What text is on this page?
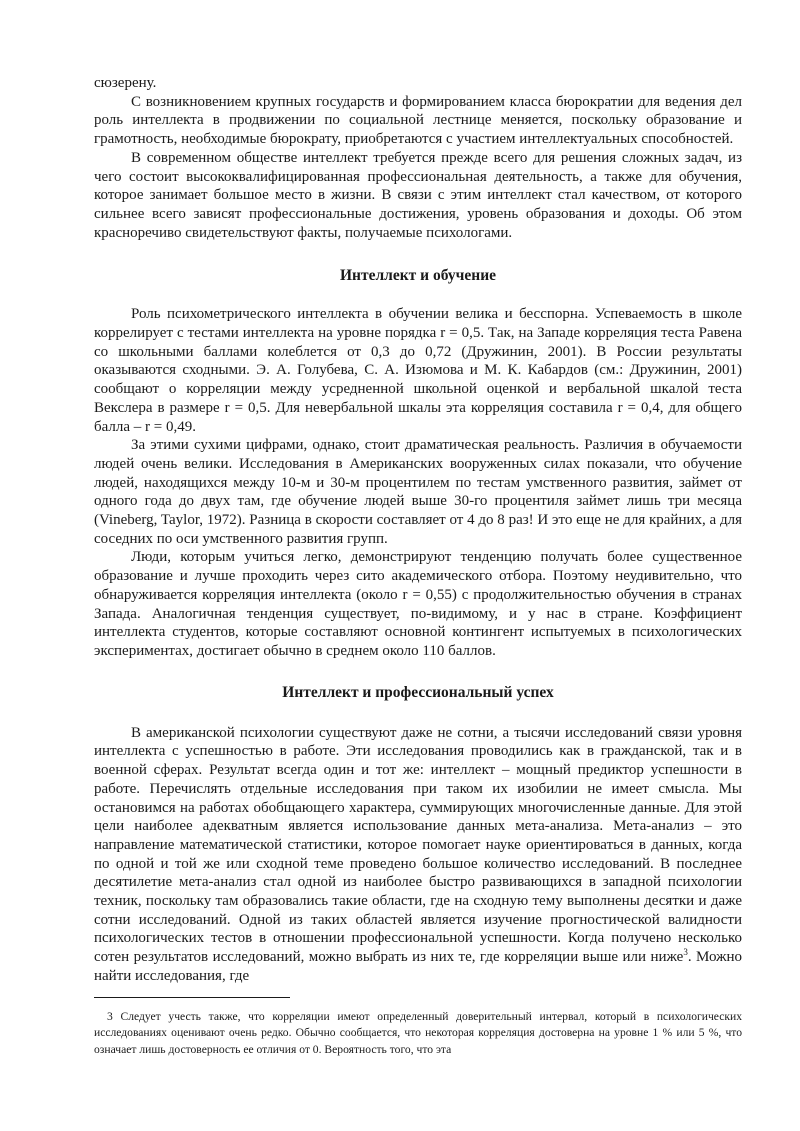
сюзерену.

С возникновением крупных государств и формированием класса бюрократии для ведения дел роль интеллекта в продвижении по социальной лестнице меняется, поскольку образование и грамотность, необходимые бюрократу, приобретаются с участием интеллектуальных способностей.

В современном обществе интеллект требуется прежде всего для решения сложных задач, из чего состоит высококвалифицированная профессиональная деятельность, а также для обучения, которое занимает большое место в жизни. В связи с этим интеллект стал качеством, от которого сильнее всего зависят профессиональные достижения, уровень образования и доходы. Об этом красноречиво свидетельствуют факты, получаемые психологами.

Интеллект и обучение

Роль психометрического интеллекта в обучении велика и бесспорна. Успеваемость в школе коррелирует с тестами интеллекта на уровне порядка r = 0,5. Так, на Западе корреляция теста Равена со школьными баллами колеблется от 0,3 до 0,72 (Дружинин, 2001). В России результаты оказываются сходными. Э. А. Голубева, С. А. Изюмова и М. К. Кабардов (см.: Дружинин, 2001) сообщают о корреляции между усредненной школьной оценкой и вербальной шкалой теста Векслера в размере r = 0,5. Для невербальной шкалы эта корреляция составила r = 0,4, для общего балла – r = 0,49.

За этими сухими цифрами, однако, стоит драматическая реальность. Различия в обучаемости людей очень велики. Исследования в Американских вооруженных силах показали, что обучение людей, находящихся между 10-м и 30-м процентилем по тестам умственного развития, займет от одного года до двух там, где обучение людей выше 30-го процентиля займет лишь три месяца (Vineberg, Taylor, 1972). Разница в скорости составляет от 4 до 8 раз! И это еще не для крайних, а для соседних по оси умственного развития групп.

Люди, которым учиться легко, демонстрируют тенденцию получать более существенное образование и лучше проходить через сито академического отбора. Поэтому неудивительно, что обнаруживается корреляция интеллекта (около r = 0,55) с продолжительностью обучения в странах Запада. Аналогичная тенденция существует, по-видимому, и у нас в стране. Коэффициент интеллекта студентов, которые составляют основной контингент испытуемых в психологических экспериментах, достигает обычно в среднем около 110 баллов.

Интеллект и профессиональный успех

В американской психологии существуют даже не сотни, а тысячи исследований связи уровня интеллекта с успешностью в работе. Эти исследования проводились как в гражданской, так и в военной сферах. Результат всегда один и тот же: интеллект – мощный предиктор успешности в работе. Перечислять отдельные исследования при таком их изобилии не имеет смысла. Мы остановимся на работах обобщающего характера, суммирующих многочисленные данные. Для этой цели наиболее адекватным является использование данных мета-анализа. Мета-анализ – это направление математической статистики, которое помогает науке ориентироваться в данных, когда по одной и той же или сходной теме проведено большое количество исследований. В последнее десятилетие мета-анализ стал одной из наиболее быстро развивающихся в западной психологии техник, поскольку там образовались такие области, где на сходную тему выполнены десятки и даже сотни исследований. Одной из таких областей является изучение прогностической валидности психологических тестов в отношении профессиональной успешности. Когда получено несколько сотен результатов исследований, можно выбрать из них те, где корреляции выше или ниже$^3$. Можно найти исследования, где

3 Следует учесть также, что корреляции имеют определенный доверительный интервал, который в психологических исследованиях оценивают очень редко. Обычно сообщается, что некоторая корреляция достоверна на уровне 1 % или 5 %, что означает лишь достоверность ее отличия от 0. Вероятность того, что эта
